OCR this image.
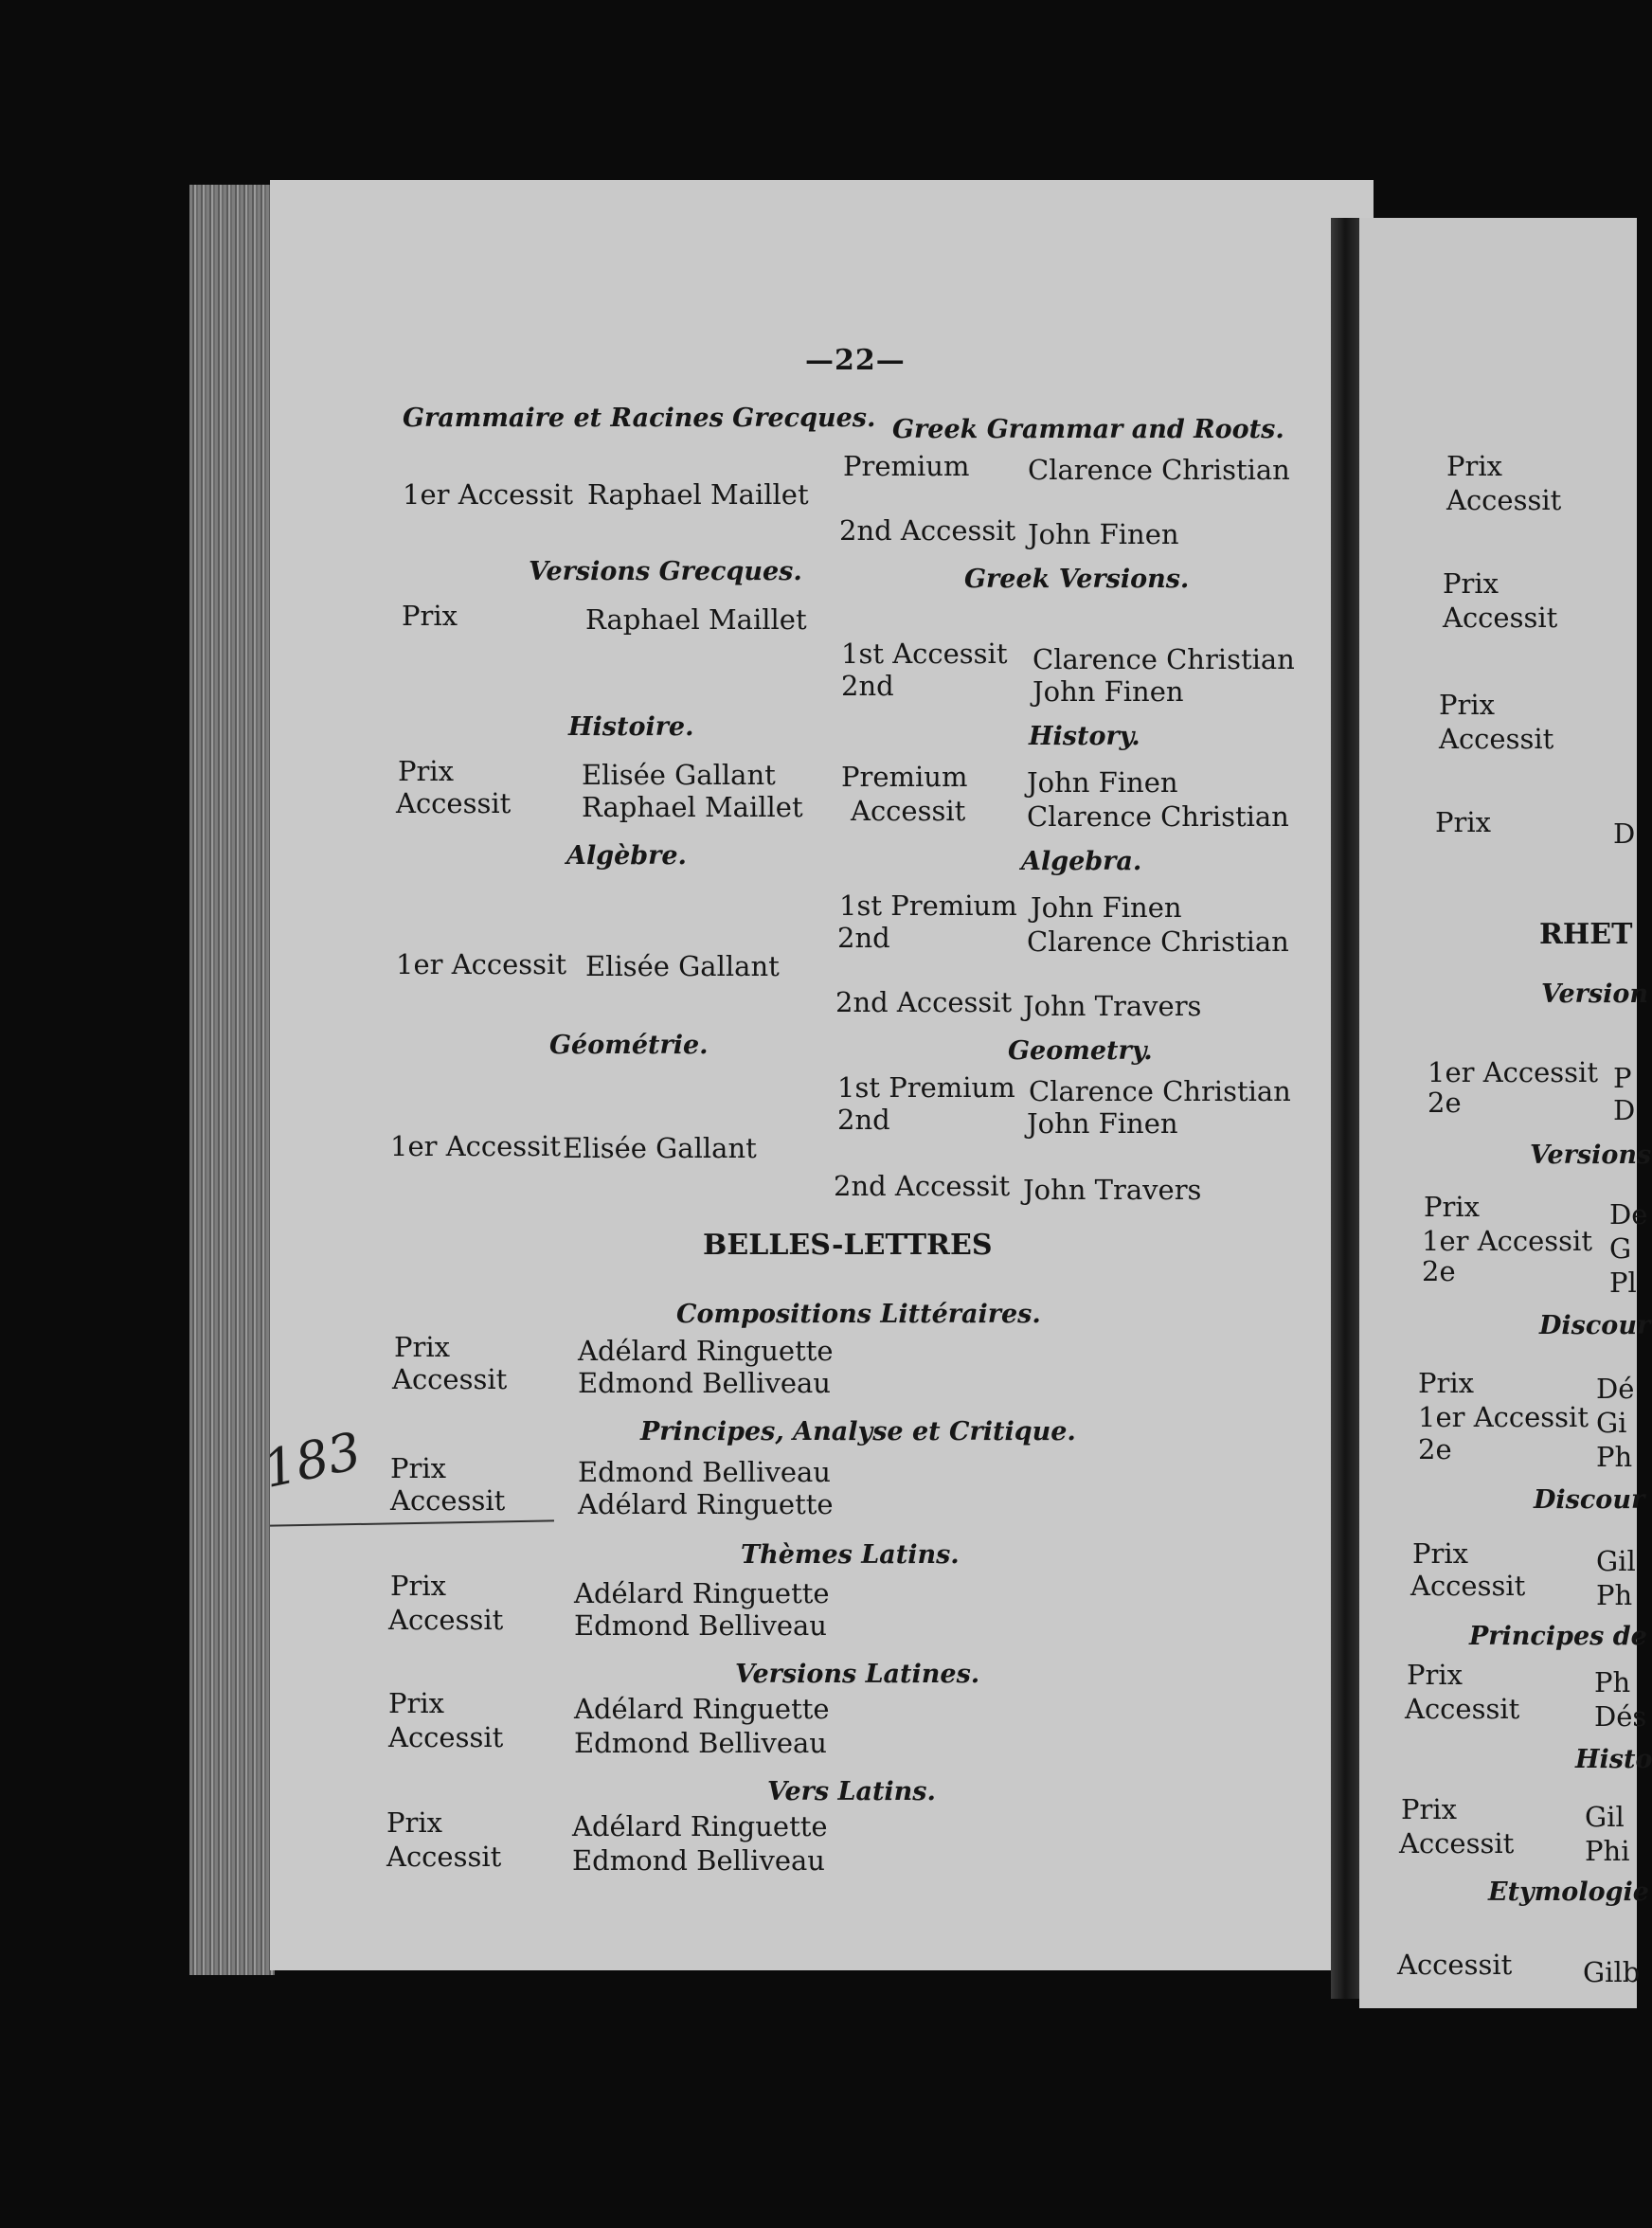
Prix
Accessit
Prix
Accessit
Prix
Accessit
Prix	D
RHET
Version
1er Accessit P
2e	D
Versions
Prix	De
1er Accessit G
2e	Pl
Discour
Prix	Dé
1er Accessit Gi
2e	Ph
Discour
Prix	Gil
Accessit	Ph
Principes de
Prix	Ph
Accessit	Dés
Histo
Prix	Gil
Accessit	Phi
Etymologie
Accessit	Gilb
—22—
Grammaire et Racines Grecques.
1er Accessit Raphael Maillet
Greek Grammar and Roots.
Premium Clarence Christian
2nd Accessit John Finen
Versions Grecques.	Greek Versions.
Prix	Raphael Maillet
1st Accessit Clarence Christian
2nd	John Finen
Histoire.	History.
Prix	Elisée Gallant
Accessit	Raphael Maillet
Premium John Finen
Accessit Clarence Christian
Algèbre.	Algebra.
1st Premium John Finen
2nd	Clarence Christian
1er Accessit Elisée Gallant
2nd Accessit John Travers
Géométrie.	Geometry.
1st Premium Clarence Christian
2nd	John Finen
1er Accessit Elisée Gallant
2nd Accessit John Travers
BELLES-LETTRES
Compositions Littéraires.
Prix	Adélard Ringuette
Accessit	Edmond Belliveau
Principes, Analyse et Critique.
Prix	Edmond Belliveau
Accessit	Adélard Ringuette
Thèmes Latins.
Prix	Adélard Ringuette
Accessit	Edmond Belliveau
Versions Latines.
Prix	Adélard Ringuette
Accessit	Edmond Belliveau
Vers Latins.
Prix	Adélard Ringuette
Accessit	Edmond Belliveau
183
